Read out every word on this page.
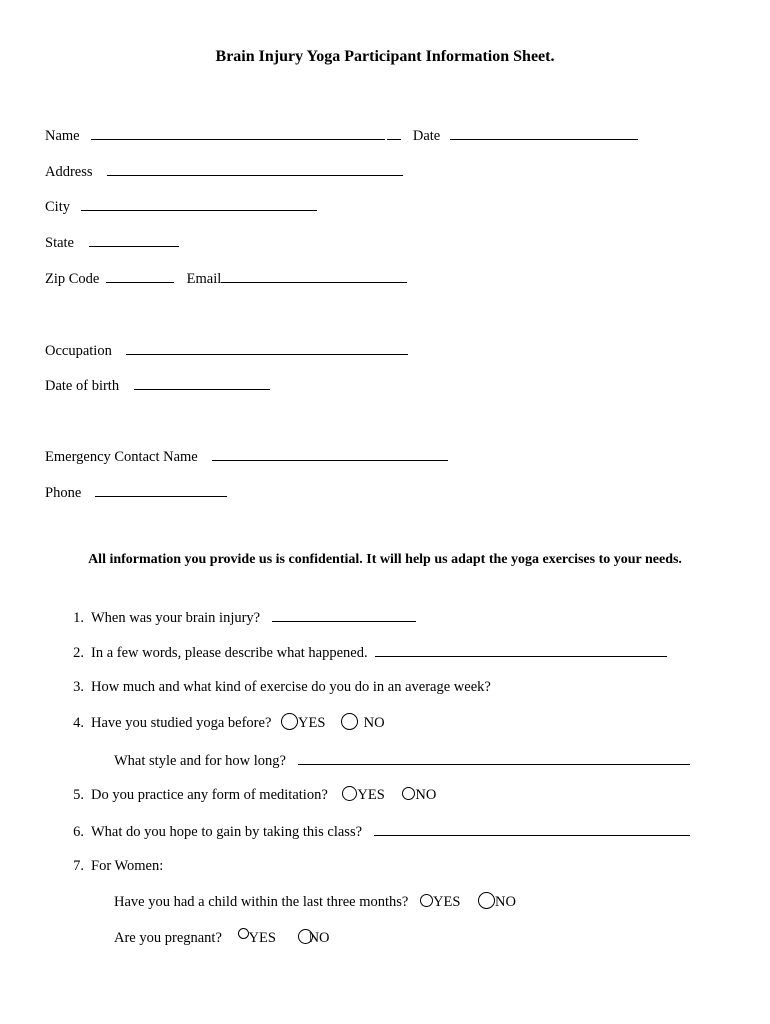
Brain Injury Yoga Participant Information Sheet.
Name	Date
Address
City
State
Zip Code	Email
Occupation
Date of birth
Emergency Contact Name
Phone
All information you provide us is confidential. It will help us adapt the yoga exercises to your needs.
1. When was your brain injury?
2. In a few words, please describe what happened.
3. How much and what kind of exercise do you do in an average week?
4. Have you studied yoga before? YES	NO
What style and for how long?
5. Do you practice any form of meditation? YES NO
6. What do you hope to gain by taking this class?
7. For Women:
Have you had a child within the last three months? YES NO
Are you pregnant? YES NO
